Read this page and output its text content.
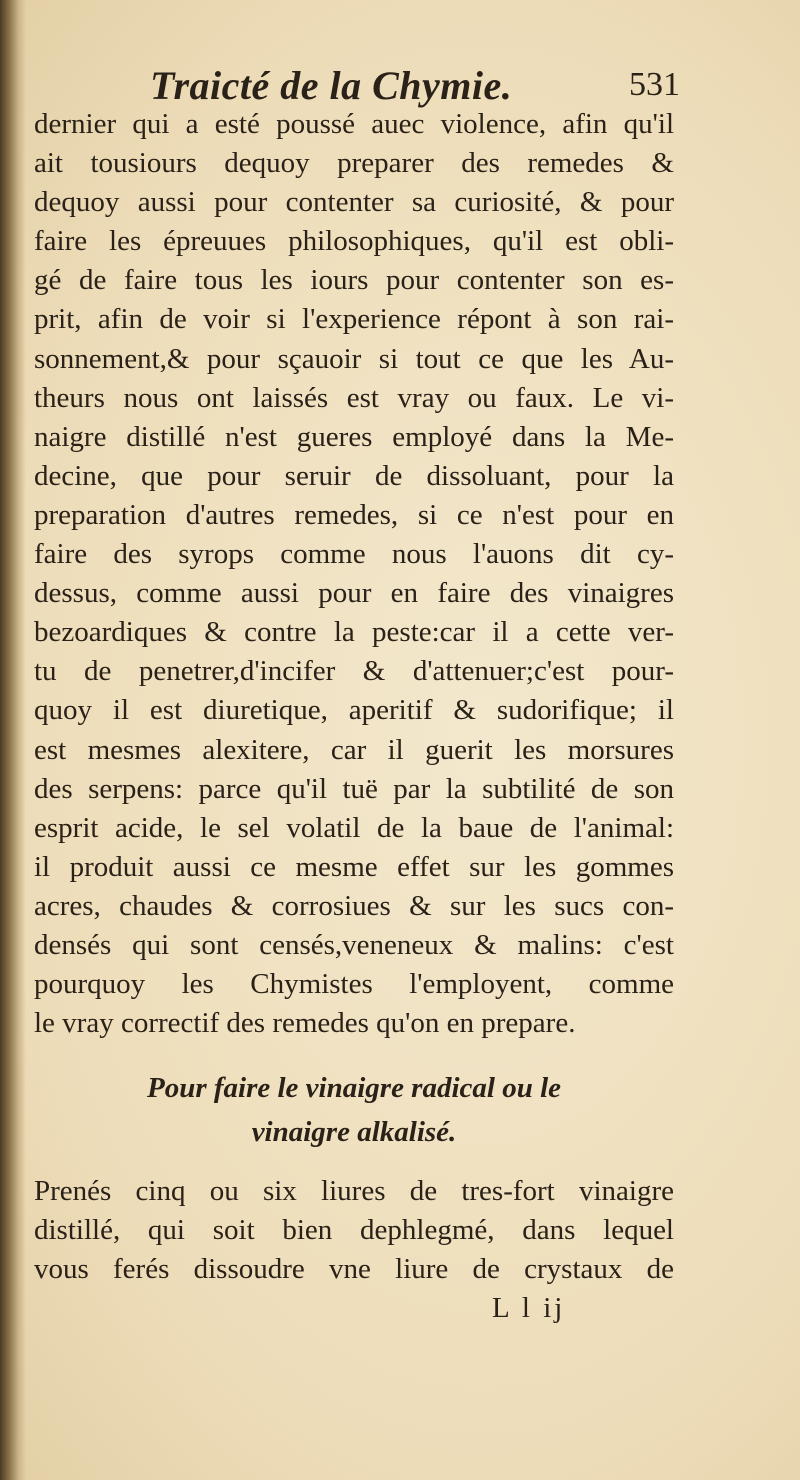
Traicté de la Chymie.	531
dernier qui a esté poussé auec violence, afin qu'il
ait tousiours dequoy preparer des remedes &
dequoy aussi pour contenter sa curiosité, & pour
faire les épreuues philosophiques, qu'il est obli-
gé de faire tous les iours pour contenter son es-
prit, afin de voir si l'experience répont à son rai-
sonnement,& pour sçauoir si tout ce que les Au-
theurs nous ont laissés est vray ou faux. Le vi-
naigre distillé n'est gueres employé dans la Me-
decine, que pour seruir de dissoluant, pour la
preparation d'autres remedes, si ce n'est pour en
faire des syrops comme nous l'auons dit cy-
dessus, comme aussi pour en faire des vinaigres
bezoardiques & contre la peste:car il a cette ver-
tu de penetrer,d'incifer & d'attenuer;c'est pour-
quoy il est diuretique, aperitif & sudorifique; il
est mesmes alexitere, car il guerit les morsures
des serpens: parce qu'il tuë par la subtilité de son
esprit acide, le sel volatil de la baue de l'animal:
il produit aussi ce mesme effet sur les gommes
acres, chaudes & corrosiues & sur les sucs con-
densés qui sont censés,veneneux & malins: c'est
pourquoy les Chymistes l'employent, comme
le vray correctif des remedes qu'on en prepare.
Pour faire le vinaigre radical ou le
vinaigre alkalisé.
Prenés cinq ou six liures de tres-fort vinaigre
distillé, qui soit bien dephlegmé, dans lequel
vous ferés dissoudre vne liure de crystaux de
L l ij
